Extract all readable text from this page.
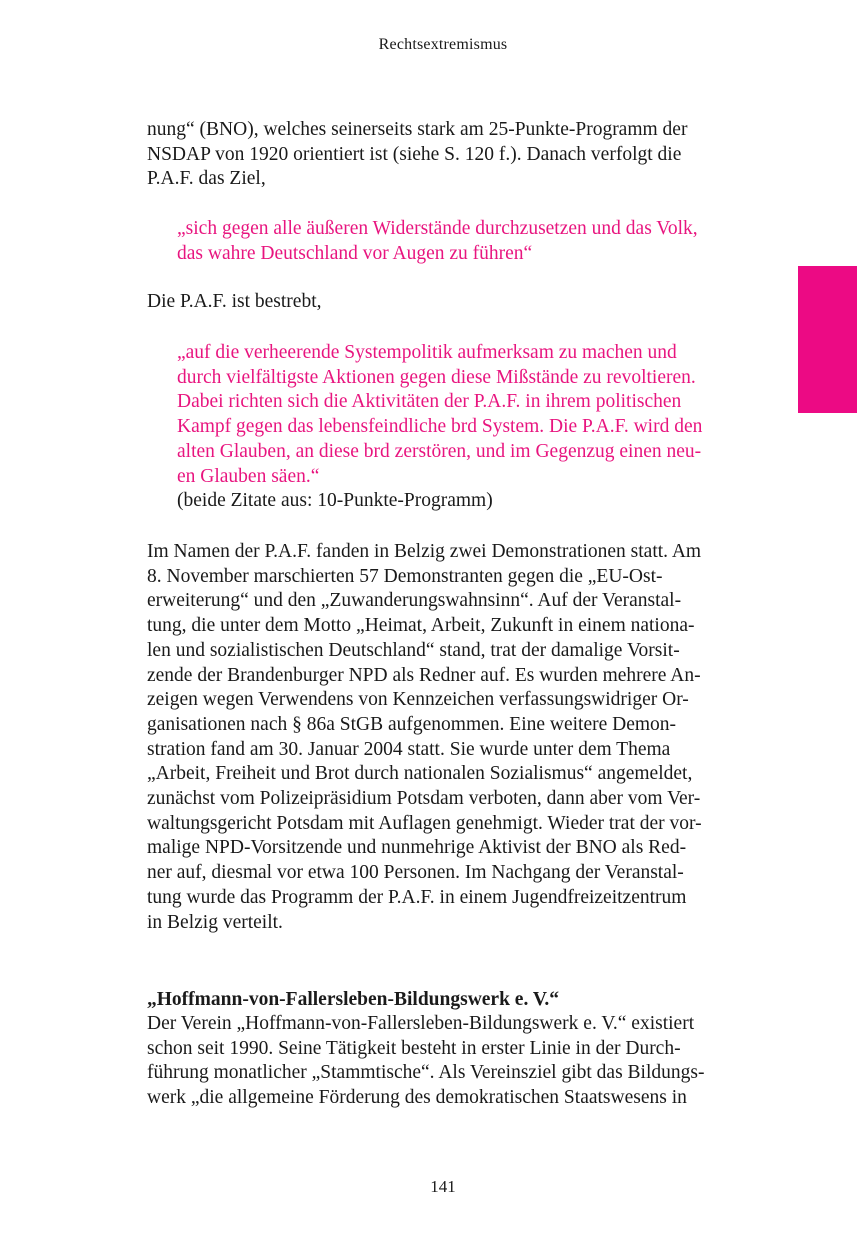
Rechtsextremismus
nung“ (BNO), welches seinerseits stark am 25-Punkte-Programm der
NSDAP von 1920 orientiert ist (siehe S. 120 f.). Danach verfolgt die
P.A.F. das Ziel,
„sich gegen alle äußeren Widerstände durchzusetzen und das Volk,
das wahre Deutschland vor Augen zu führen“
Die P.A.F. ist bestrebt,
„auf die verheerende Systempolitik aufmerksam zu machen und
durch vielfältigste Aktionen gegen diese Mißstände zu revoltieren.
Dabei richten sich die Aktivitäten der P.A.F. in ihrem politischen
Kampf gegen das lebensfeindliche brd System. Die P.A.F. wird den
alten Glauben, an diese brd zerstören, und im Gegenzug einen neu-
en Glauben säen.“
(beide Zitate aus: 10-Punkte-Programm)
Im Namen der P.A.F. fanden in Belzig zwei Demonstrationen statt. Am
8. November marschierten 57 Demonstranten gegen die „EU-Ost-
erweiterung“ und den „Zuwanderungswahnsinn“. Auf der Veranstal-
tung, die unter dem Motto „Heimat, Arbeit, Zukunft in einem nationa-
len und sozialistischen Deutschland“ stand, trat der damalige Vorsit-
zende der Brandenburger NPD als Redner auf. Es wurden mehrere An-
zeigen wegen Verwendens von Kennzeichen verfassungswidriger Or-
ganisationen nach § 86a StGB aufgenommen. Eine weitere Demon-
stration fand am 30. Januar 2004 statt. Sie wurde unter dem Thema
„Arbeit, Freiheit und Brot durch nationalen Sozialismus“ angemeldet,
zunächst vom Polizeipräsidium Potsdam verboten, dann aber vom Ver-
waltungsgericht Potsdam mit Auflagen genehmigt. Wieder trat der vor-
malige NPD-Vorsitzende und nunmehrige Aktivist der BNO als Red-
ner auf, diesmal vor etwa 100 Personen. Im Nachgang der Veranstal-
tung wurde das Programm der P.A.F. in einem Jugendfreizeitzentrum
in Belzig verteilt.
„Hoffmann-von-Fallersleben-Bildungswerk e. V.“
Der Verein „Hoffmann-von-Fallersleben-Bildungswerk e. V.“ existiert
schon seit 1990. Seine Tätigkeit besteht in erster Linie in der Durch-
führung monatlicher „Stammtische“. Als Vereinsziel gibt das Bildungs-
werk „die allgemeine Förderung des demokratischen Staatswesens in
141
